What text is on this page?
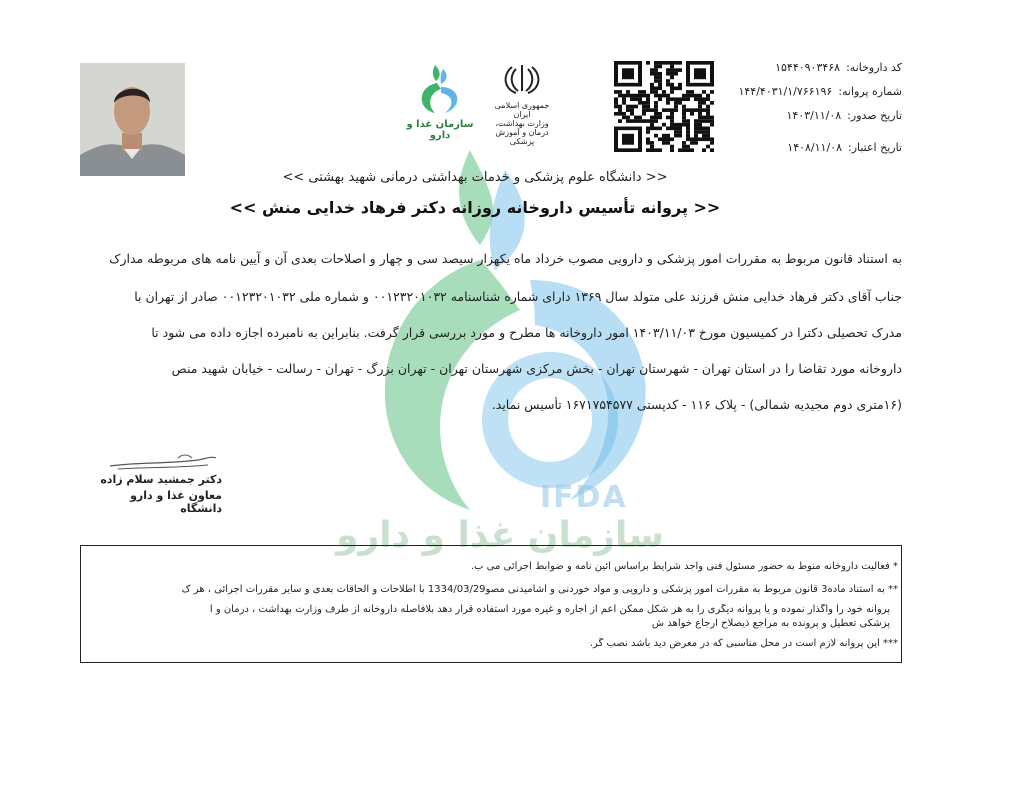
IFDA
سازمان غذا و دارو
سازمان غذا و دارو
جمهوری اسلامی ایران
وزارت بهداشت، درمان و آموزش پزشکی
کد داروخانه:۱۵۴۴۰۹۰۳۴۶۸
شماره پروانه:۱۴۴/۴۰۳۱/۱/۷۶۶۱۹۶
تاریخ صدور:۱۴۰۳/۱۱/۰۸
تاریخ اعتبار:۱۴۰۸/۱۱/۰۸
<< دانشگاه علوم پزشکی و خدمات بهداشتی درمانی شهید بهشتی >>
<< پروانه تأسیس داروخانه روزانه دکتر فرهاد خدایی منش >>
به استناد قانون مربوط به مقررات امور پزشکی و دارویی مصوب خرداد ماه یکهزار سیصد سی و چهار و اصلاحات بعدی آن و آیین نامه های مربوطه مدارک
جناب آقای دکتر فرهاد خدایی منش فرزند علی متولد سال ۱۳۶۹ دارای شماره شناسنامه ۰۰۱۲۳۲۰۱۰۳۲ و شماره ملی ۰۰۱۲۳۲۰۱۰۳۲ صادر از تهران با
مدرک تحصیلی دکترا در کمیسیون مورخ ۱۴۰۳/۱۱/۰۳ امور داروخانه ها مطرح و مورد بررسی قرار گرفت. بنابراین به نامبرده اجازه داده می شود تا
داروخانه مورد تقاضا را در استان تهران - شهرستان تهران - بخش مرکزی شهرستان تهران - تهران بزرگ - تهران - رسالت - خیابان شهید منص
(۱۶متری دوم مجیدیه شمالی) - پلاک ۱۱۶ - کدپستی ۱۶۷۱۷۵۴۵۷۷ تأسیس نماید.
دکتر جمشید سلام زاده
معاون غذا و دارو دانشگاه
* فعالیت داروخانه منوط به حضور مسئول فنی واجد شرایط براساس آئین نامه و ضوابط اجرائی می ب.
** به استناد ماده3 قانون مربوط به مقررات امور پزشکی و دارویی و مواد خوردنی و آشامیدنی مصو1334/03/29 با اطلاحات و الحاقات بعدی و سایر مقررات اجرائی ، هر ک
پروانه خود را واگذار نموده و یا پروانه دیگری را به هر شکل ممکن اعم از اجاره و غیره مورد استفاده قرار دهد بلافاصله داروخانه از طرف وزارت بهداشت ، درمان و آ
پزشکی تعطیل و پرونده به مراجع ذیصلاح ارجاع خواهد ش
*** این پروانه لازم است در محل مناسبی که در معرض دید باشد نصب گر.
